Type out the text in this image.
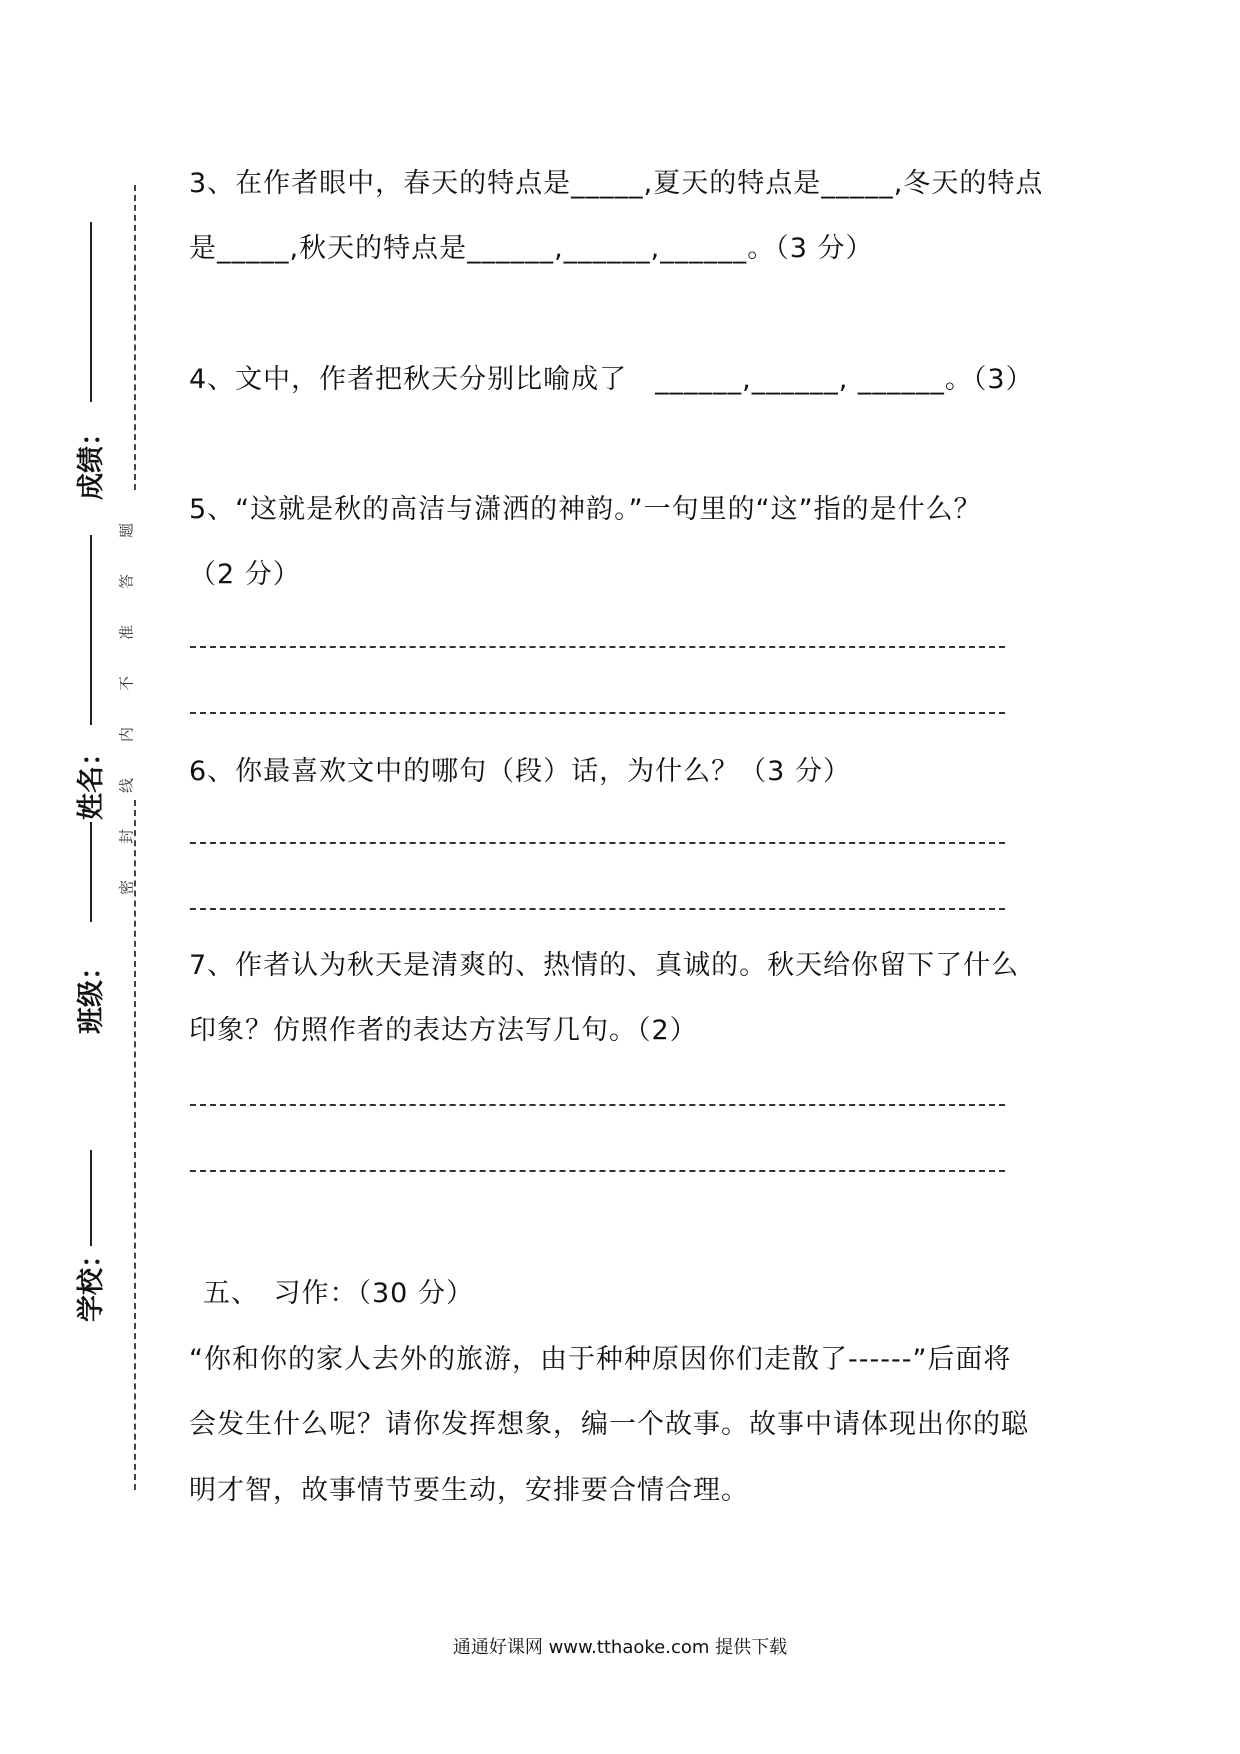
成绩：
姓名：
班级：
学校：
题
答
准
不
内
线
封
密
3、在作者眼中，春天的特点是_____,夏天的特点是_____,冬天的特点
是_____,秋天的特点是______,______,______。（3 分）
4、文中，作者把秋天分别比喻成了　______,______, ______。（3）
5、“这就是秋的高洁与潇洒的神韵。”一句里的“这”指的是什么？
（2 分）
6、你最喜欢文中的哪句（段）话，为什么？（3 分）
7、作者认为秋天是清爽的、热情的、真诚的。秋天给你留下了什么
印象？仿照作者的表达方法写几句。（2）
五、　习作：（30 分）
“你和你的家人去外的旅游，由于种种原因你们走散了------”后面将
会发生什么呢？请你发挥想象，编一个故事。故事中请体现出你的聪
明才智，故事情节要生动，安排要合情合理。
通通好课网 www.tthaoke.com 提供下载
